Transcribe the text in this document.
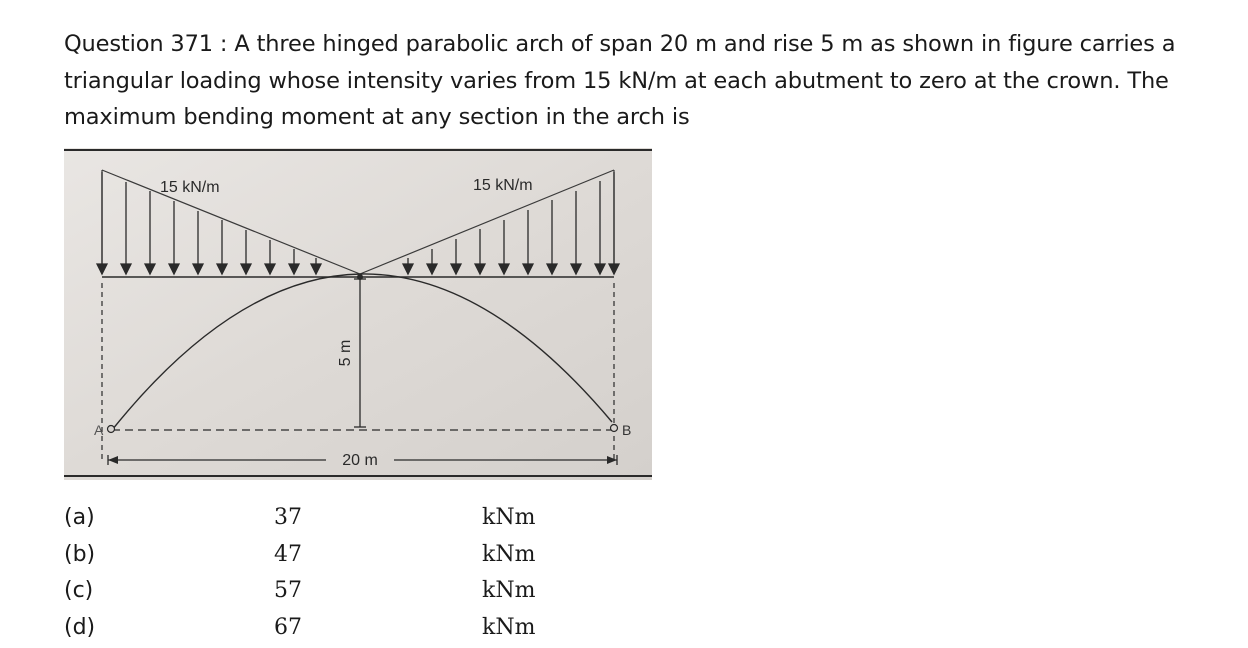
Question 371 : A three hinged parabolic arch of span 20 m and rise 5 m as shown in figure carries a triangular loading whose intensity varies from 15 kN/m at each abutment to zero at the crown. The maximum bending moment at any section in the arch is

5 m
A	B
20 m
15 kN/m	15 kN/m
(a)	37	kNm
(b)	47	kNm
(c)	57	kNm
(d)	67	kNm
